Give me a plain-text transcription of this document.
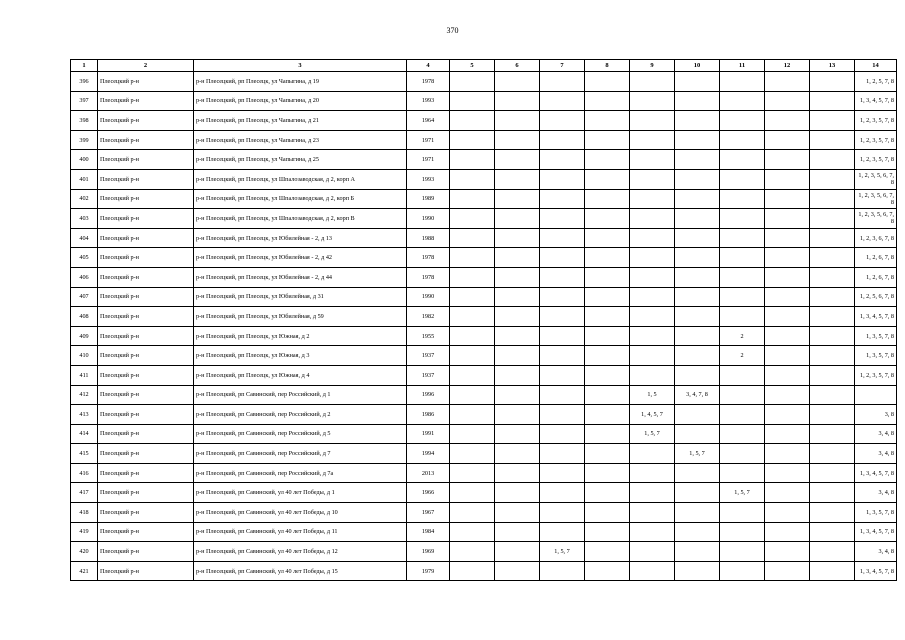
370
1	2	3	4	5	6	7	8	9	10	11	12	13	14
396	Плесецкий р-н	р-н Плесецкий, рп Плесецк, ул Чапыгина, д 19	1978										1, 2, 5, 7, 8
397	Плесецкий р-н	р-н Плесецкий, рп Плесецк, ул Чапыгина, д 20	1993										1, 3, 4, 5, 7, 8
398	Плесецкий р-н	р-н Плесецкий, рп Плесецк, ул Чапыгина, д 21	1964										1, 2, 3, 5, 7, 8
399	Плесецкий р-н	р-н Плесецкий, рп Плесецк, ул Чапыгина, д 23	1971										1, 2, 3, 5, 7, 8
400	Плесецкий р-н	р-н Плесецкий, рп Плесецк, ул Чапыгина, д 25	1971										1, 2, 3, 5, 7, 8
401	Плесецкий р-н	р-н Плесецкий, рп Плесецк, ул Шпалозаводская, д 2, корп А	1993										1, 2, 3, 5, 6, 7, 8
402	Плесецкий р-н	р-н Плесецкий, рп Плесецк, ул Шпалозаводская, д 2, корп Б	1989										1, 2, 3, 5, 6, 7, 8
403	Плесецкий р-н	р-н Плесецкий, рп Плесецк, ул Шпалозаводская, д 2, корп В	1990										1, 2, 3, 5, 6, 7, 8
404	Плесецкий р-н	р-н Плесецкий, рп Плесецк, ул Юбилейная - 2, д 13	1988										1, 2, 3, 6, 7, 8
405	Плесецкий р-н	р-н Плесецкий, рп Плесецк, ул Юбилейная - 2, д 42	1978										1, 2, 6, 7, 8
406	Плесецкий р-н	р-н Плесецкий, рп Плесецк, ул Юбилейная - 2, д 44	1978										1, 2, 6, 7, 8
407	Плесецкий р-н	р-н Плесецкий, рп Плесецк, ул Юбилейная, д 31	1990										1, 2, 5, 6, 7, 8
408	Плесецкий р-н	р-н Плесецкий, рп Плесецк, ул Юбилейная, д 59	1982										1, 3, 4, 5, 7, 8
409	Плесецкий р-н	р-н Плесецкий, рп Плесецк, ул Южная, д 2	1955							2			1, 3, 5, 7, 8
410	Плесецкий р-н	р-н Плесецкий, рп Плесецк, ул Южная, д 3	1937							2			1, 3, 5, 7, 8
411	Плесецкий р-н	р-н Плесецкий, рп Плесецк, ул Южная, д 4	1937										1, 2, 3, 5, 7, 8
412	Плесецкий р-н	р-н Плесецкий, рп Савинский, пер Российский, д 1	1996					1, 5	3, 4, 7, 8				
413	Плесецкий р-н	р-н Плесецкий, рп Савинский, пер Российский, д 2	1986					1, 4, 5, 7					3, 8
414	Плесецкий р-н	р-н Плесецкий, рп Савинский, пер Российский, д 5	1991					1, 5, 7					3, 4, 8
415	Плесецкий р-н	р-н Плесецкий, рп Савинский, пер Российский, д 7	1994						1, 5, 7				3, 4, 8
416	Плесецкий р-н	р-н Плесецкий, рп Савинский, пер Российский, д 7а	2013										1, 3, 4, 5, 7, 8
417	Плесецкий р-н	р-н Плесецкий, рп Савинский, ул 40 лет Победы, д 1	1966							1, 5, 7			3, 4, 8
418	Плесецкий р-н	р-н Плесецкий, рп Савинский, ул 40 лет Победы, д 10	1967										1, 3, 5, 7, 8
419	Плесецкий р-н	р-н Плесецкий, рп Савинский, ул 40 лет Победы, д 11	1984										1, 3, 4, 5, 7, 8
420	Плесецкий р-н	р-н Плесецкий, рп Савинский, ул 40 лет Победы, д 12	1969			1, 5, 7							3, 4, 8
421	Плесецкий р-н	р-н Плесецкий, рп Савинский, ул 40 лет Победы, д 15	1979										1, 3, 4, 5, 7, 8
